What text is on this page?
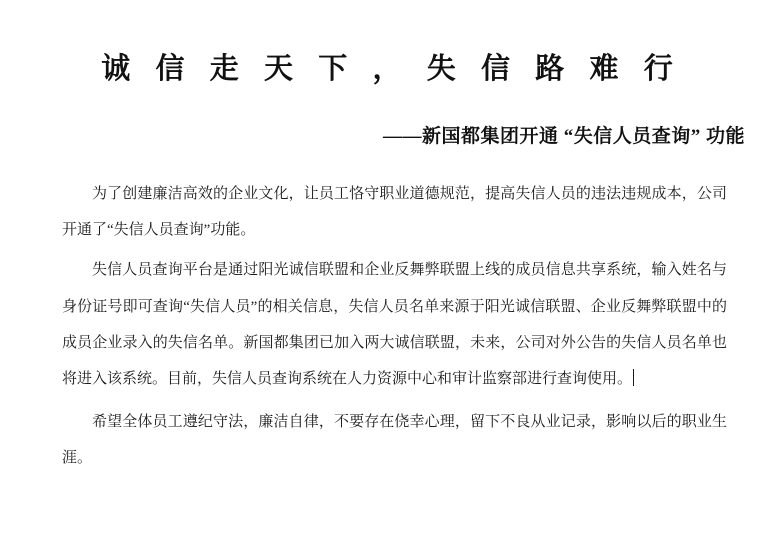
诚 信 走 天 下 ， 失 信 路 难 行
——新国都集团开通 “失信人员查询” 功能

为了创建廉洁高效的企业文化，让员工恪守职业道德规范，提高失信人员的违法违规成本，公司开通了“失信人员查询”功能。

失信人员查询平台是通过阳光诚信联盟和企业反舞弊联盟上线的成员信息共享系统，输入姓名与身份证号即可查询“失信人员”的相关信息，失信人员名单来源于阳光诚信联盟、企业反舞弊联盟中的成员企业录入的失信名单。新国都集团已加入两大诚信联盟，未来，公司对外公告的失信人员名单也将进入该系统。目前，失信人员查询系统在人力资源中心和审计监察部进行查询使用。

希望全体员工遵纪守法，廉洁自律，不要存在侥幸心理，留下不良从业记录，影响以后的职业生涯。
